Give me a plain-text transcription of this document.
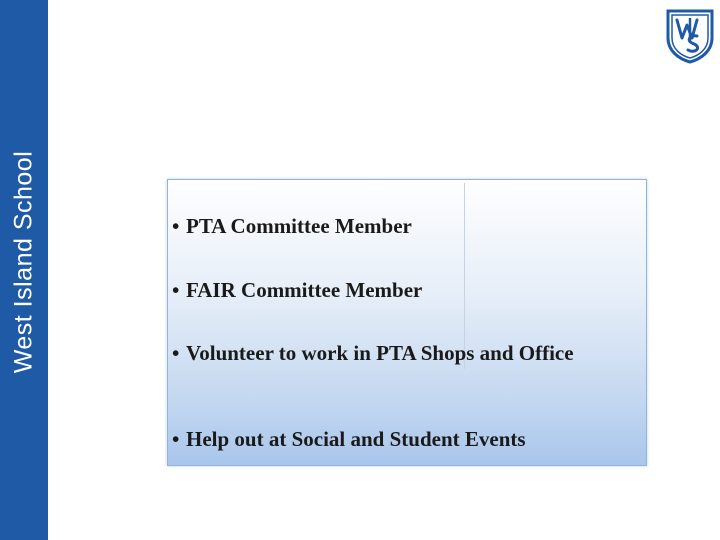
West Island School	• PTA Committee Member
• FAIR Committee Member
• Volunteer to work in PTA Shops and Office
• Help out at Social and Student Events
